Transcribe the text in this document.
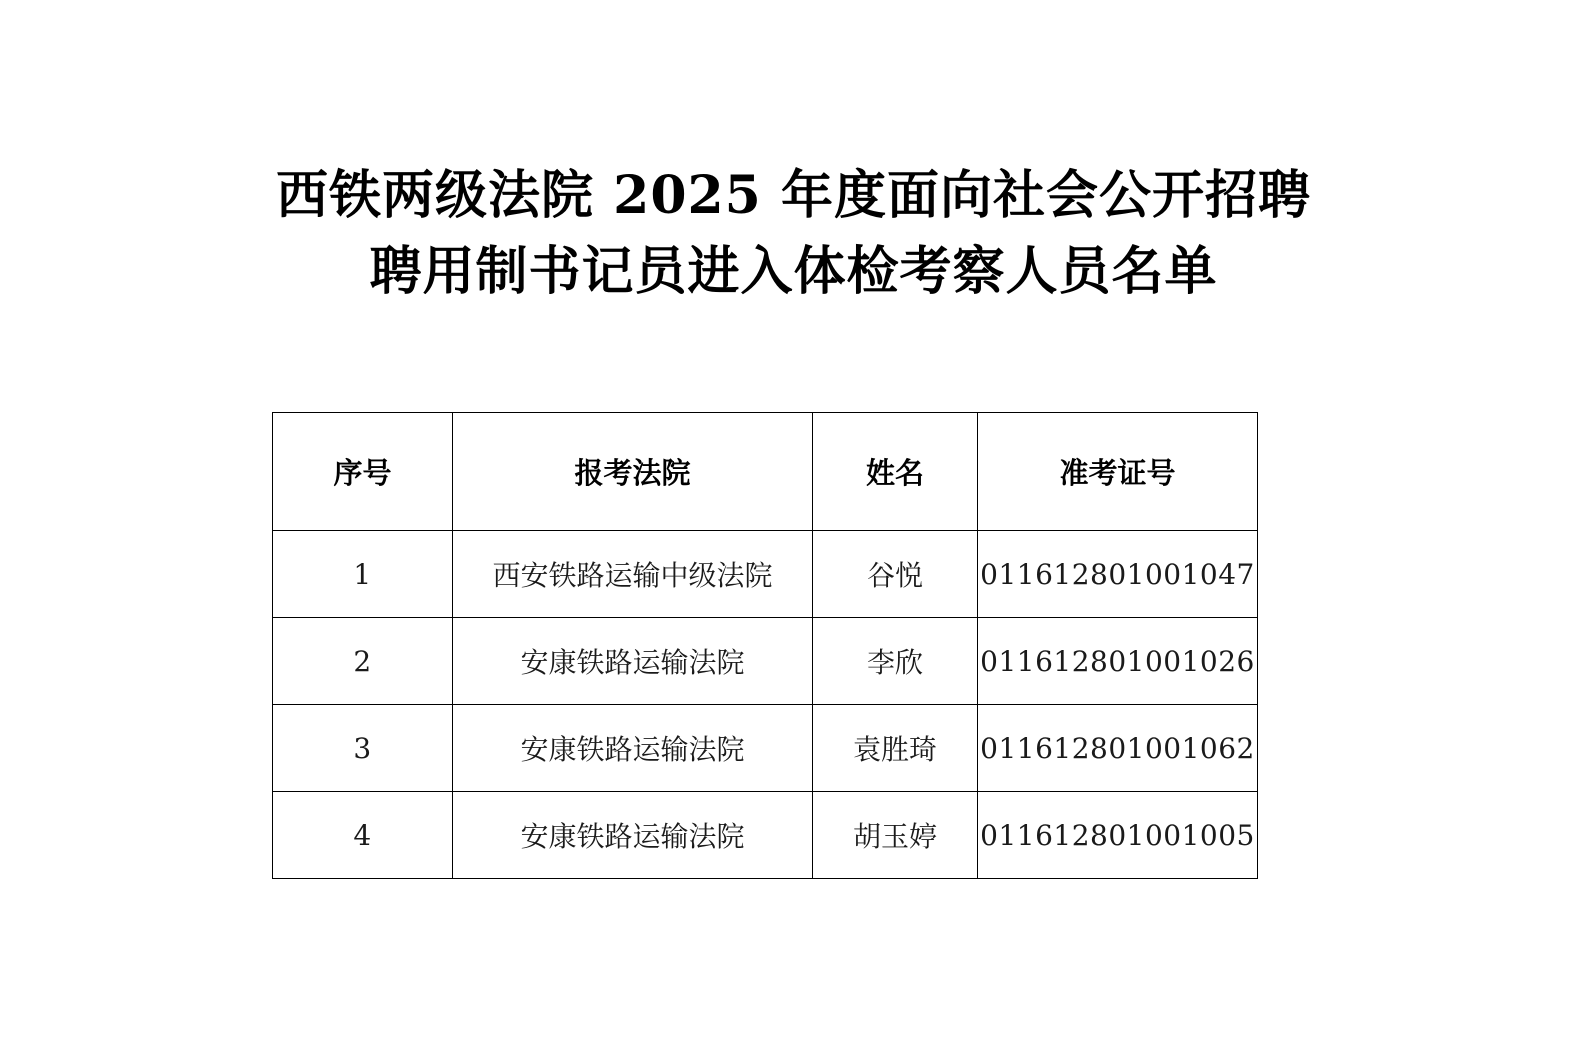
西铁两级法院 2025 年度面向社会公开招聘
聘用制书记员进入体检考察人员名单
序号	报考法院	姓名	准考证号
1	西安铁路运输中级法院	谷悦	011612801001047
2	安康铁路运输法院	李欣	011612801001026
3	安康铁路运输法院	袁胜琦	011612801001062
4	安康铁路运输法院	胡玉婷	011612801001005
